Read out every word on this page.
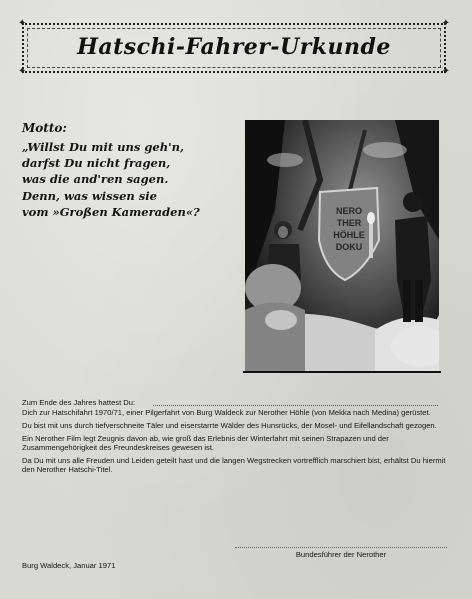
✦	✦
✦	✦
Hatschi-Fahrer-Urkunde
Motto:
„Willst Du mit uns geh'n,
darfst Du nicht fragen,
was die and'ren sagen.
Denn, was wissen sie
vom »Großen Kameraden«?	NERO
THER
HÖHLE
DOKU
Zum Ende des Jahres hattest Du:

Dich zur Hatschifahrt 1970/71, einer Pilgerfahrt von Burg Waldeck zur Nerother Höhle (von Mekka nach Medina) gerüstet.

Du bist mit uns durch tiefverschneite Täler und eiserstarrte Wälder des Hunsrücks, der Mosel- und Eifellandschaft gezogen.

Ein Nerother Film legt Zeugnis davon ab, wie groß das Erlebnis der Winterfahrt mit seinen Strapazen und der Zusammengehörigkeit des Freundeskreises gewesen ist.

Da Du mit uns alle Freuden und Leiden geteilt hast und die langen Wegstrecken vortrefflich marschiert bist, erhältst Du hiermit den Nerother Hatschi-Titel.

Bundesführer der Nerother
Burg Waldeck, Januar 1971
